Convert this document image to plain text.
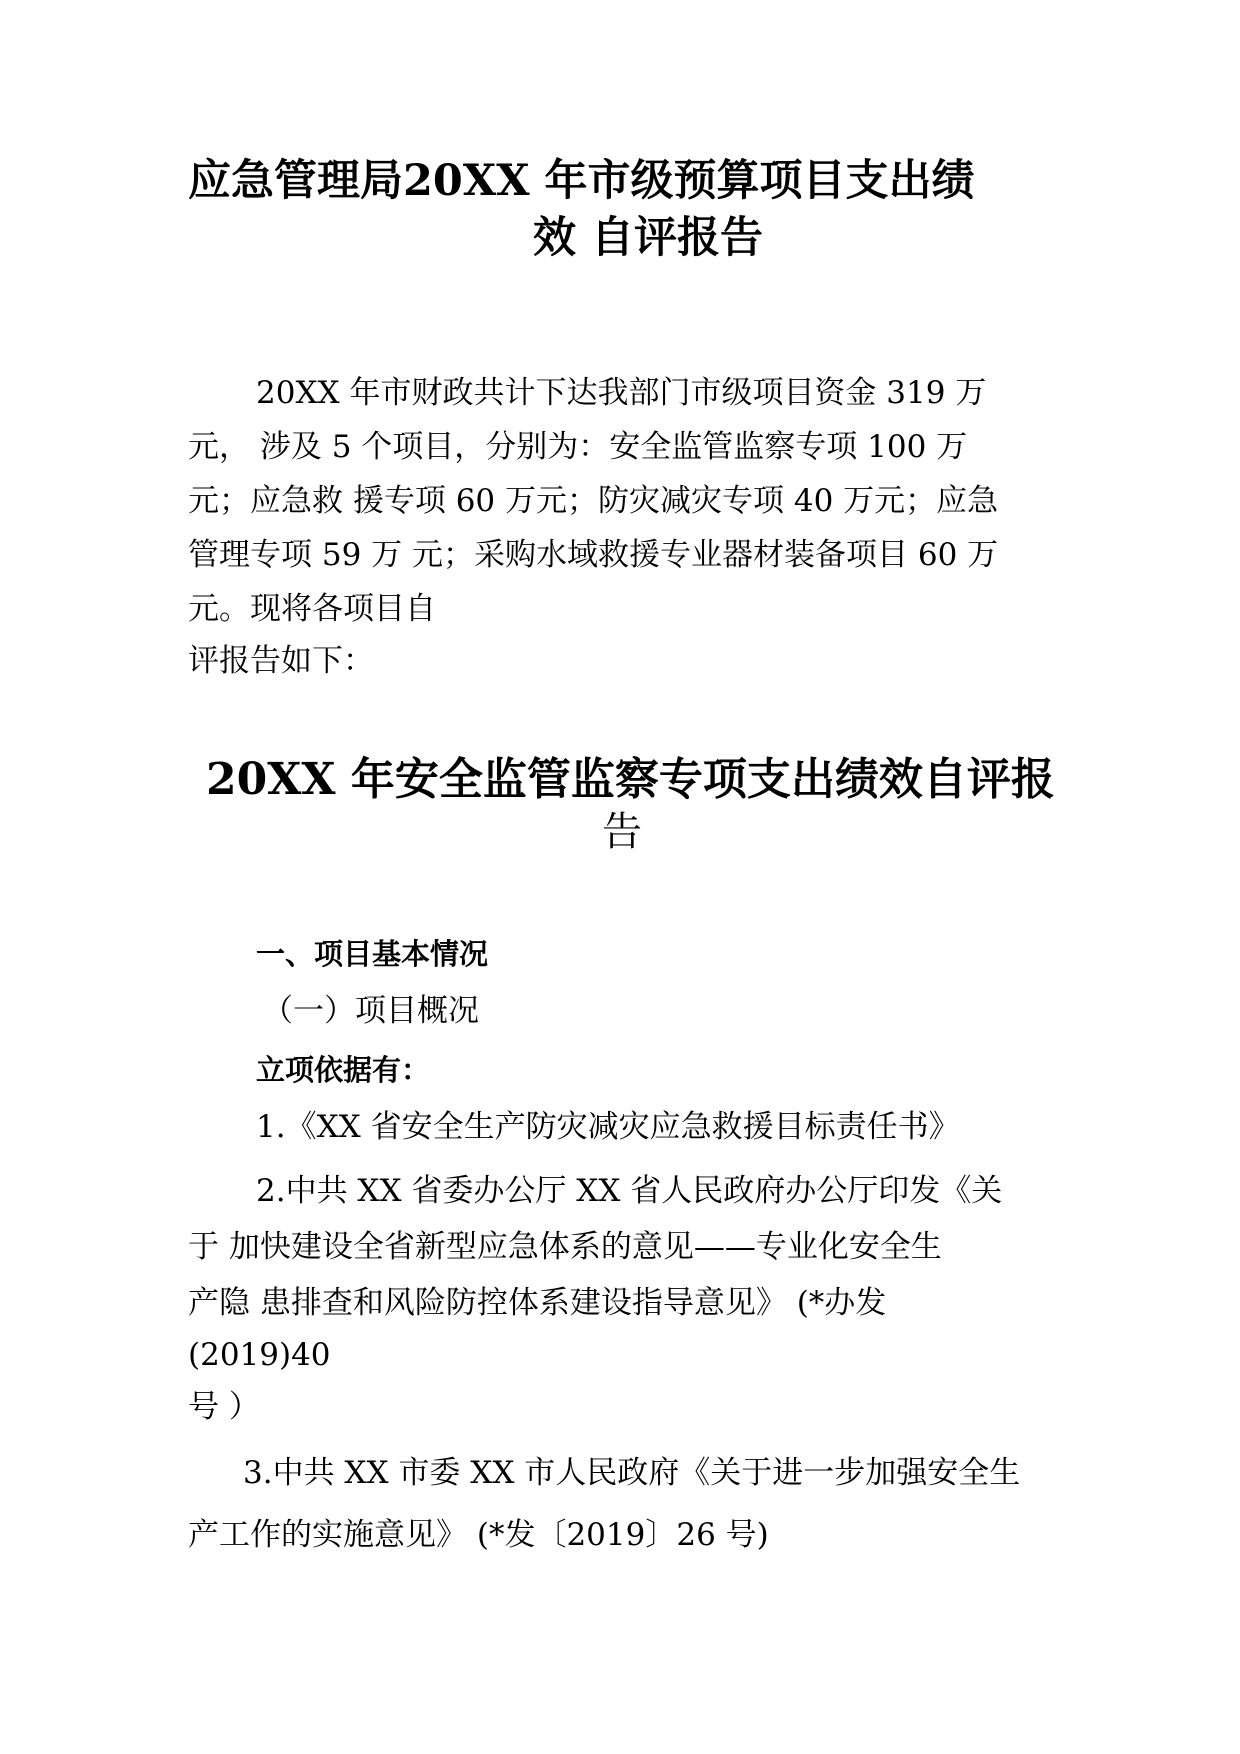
应急管理局20XX 年市级预算项目支出绩
效 自评报告
20XX 年市财政共计下达我部门市级项目资金 319 万
元， 涉及 5 个项目，分别为：安全监管监察专项 100 万
元；应急救 援专项 60 万元；防灾减灾专项 40 万元；应急
管理专项 59 万 元；采购水域救援专业器材装备项目 60 万
元。现将各项目自
评报告如下：
20XX 年安全监管监察专项支出绩效自评报
告
一、项目基本情况
（一）项目概况
立项依据有：
1.《XX 省安全生产防灾减灾应急救援目标责任书》
2.中共 XX 省委办公厅 XX 省人民政府办公厅印发《关
于 加快建设全省新型应急体系的意见——专业化安全生
产隐 患排查和风险防控体系建设指导意见》 (*办发
(2019)40
号 ）
3.中共 XX 市委 XX 市人民政府《关于进一步加强安全生
产工作的实施意见》 (*发〔2019〕26 号)
